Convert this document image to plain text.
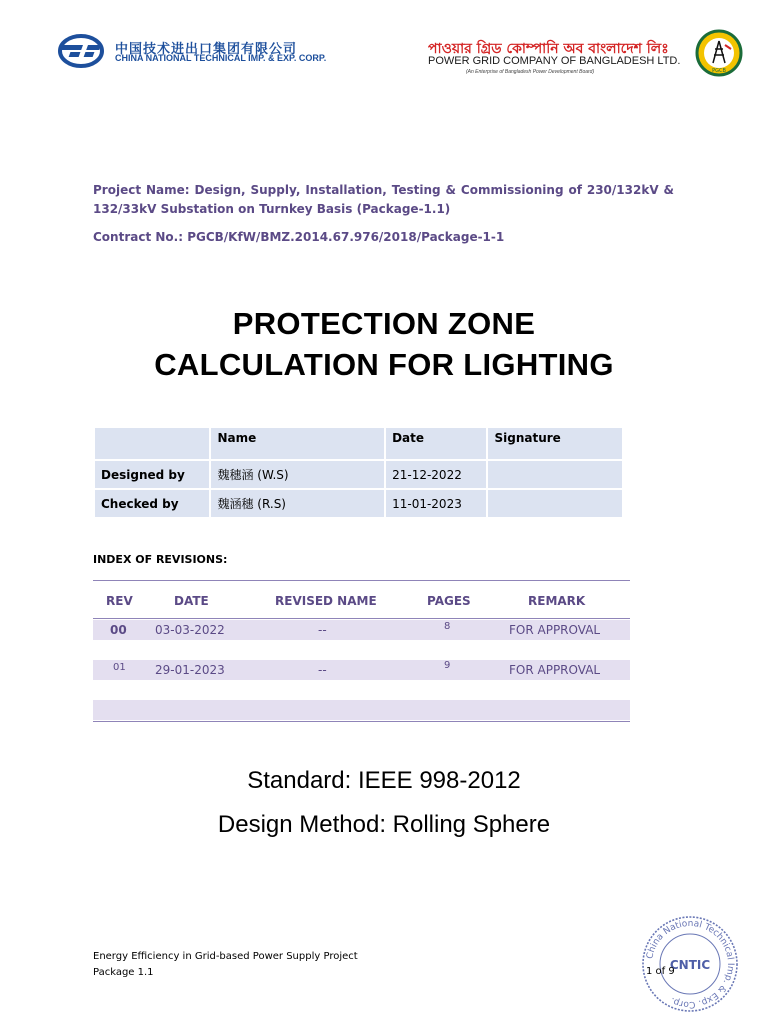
中国技术进出口集团有限公司
CHINA NATIONAL TECHNICAL IMP. & EXP. CORP.
পাওয়ার গ্রিড কোম্পানি অব বাংলাদেশ লিঃ
POWER GRID COMPANY OF BANGLADESH LTD.
(An Enterprise of Bangladesh Power Development Board)	PGCB
Project Name: Design, Supply, Installation, Testing & Commissioning of 230/132kV & 132/33kV Substation on Turnkey Basis (Package-1.1)
Contract No.: PGCB/KfW/BMZ.2014.67.976/2018/Package-1-1
PROTECTION ZONE
CALCULATION FOR LIGHTING
	Name	Date	Signature
Designed by	魏穗涵 (W.S)	21-12-2022	
Checked by	魏涵穗 (R.S)	11-01-2023	
INDEX OF REVISIONS:
REV	DATE	REVISED NAME	PAGES	REMARK
00 03-03-2022	--	8	FOR APPROVAL
01 29-01-2023	--	9	FOR APPROVAL
Standard: IEEE 998-2012
Design Method: Rolling Sphere
Energy Efficiency in Grid-based Power Supply Project
Package 1.1
China National Technical Imp. & Exp. Corp.
CNTIC
1 of 9
